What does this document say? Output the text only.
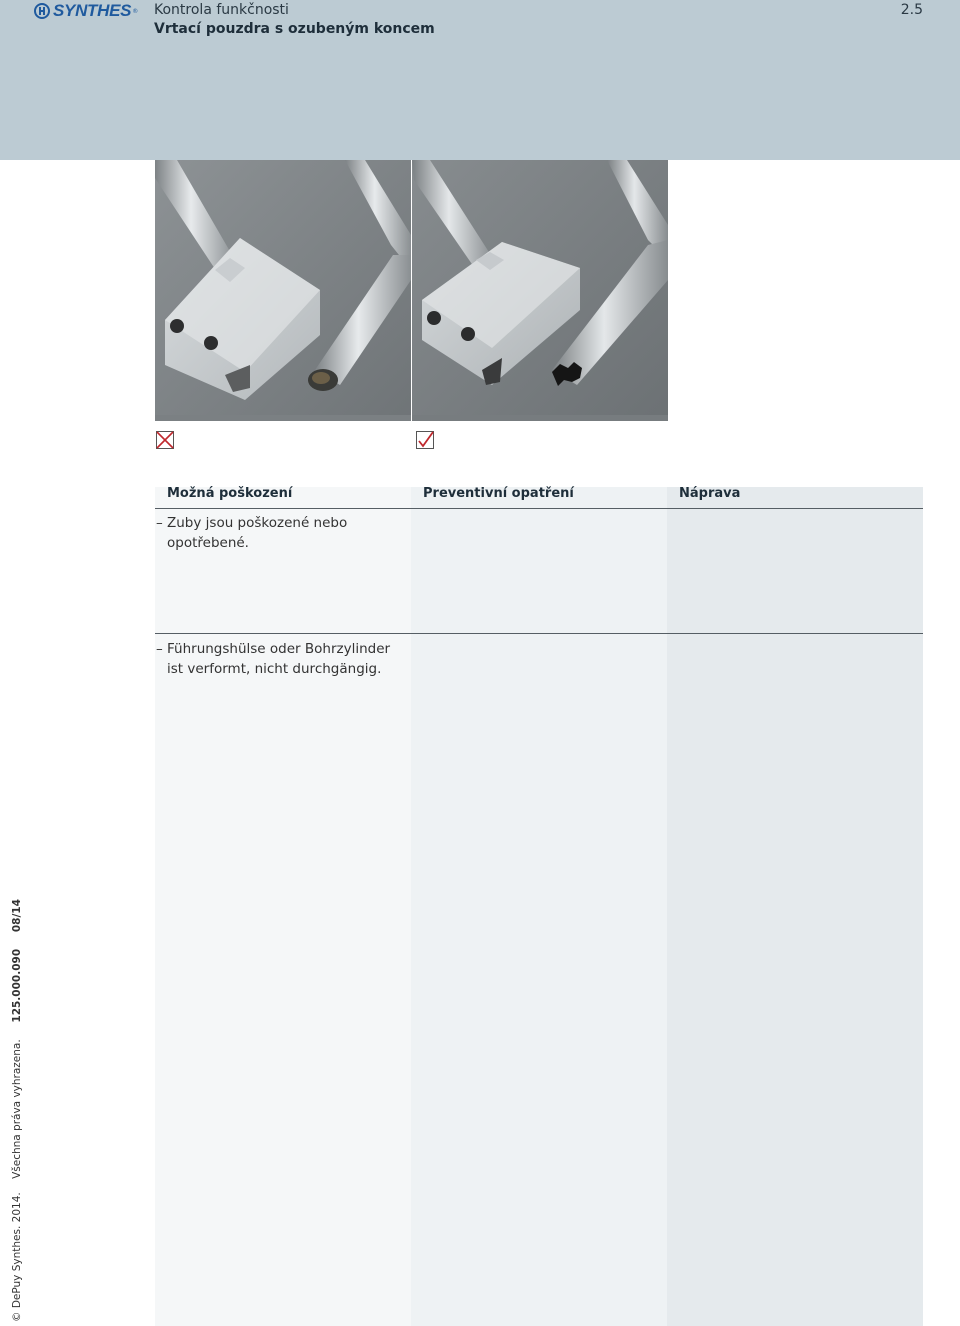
SYNTHES ® Kontrola funkčnosti
Vrtací pouzdra s ozubeným koncem
2.5
Možná poškození	Preventivní opatření	Náprava
– Zuby jsou poškozené nebo opotřebené.
– Führungshülse oder Bohrzylinder ist verformt, nicht durchgängig.
© DePuy Synthes. 2014.    Všechna práva vyhrazena.     125.000.090     08/14
